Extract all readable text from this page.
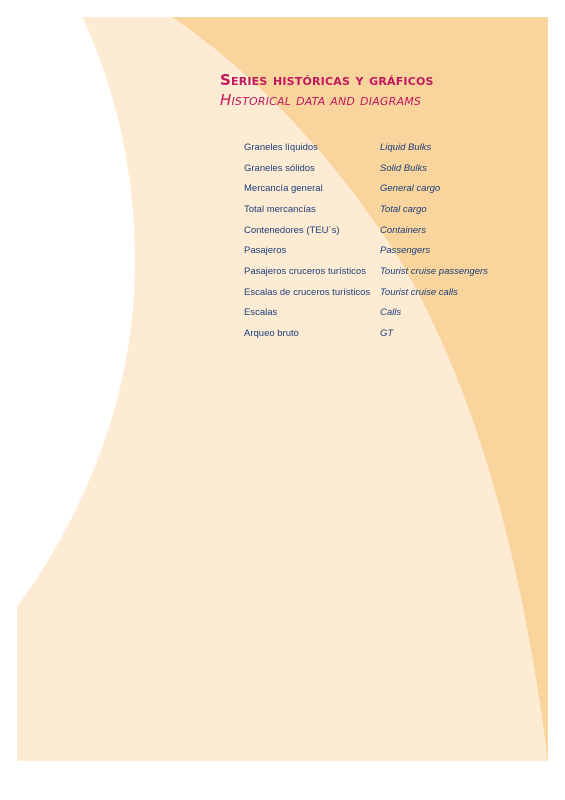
Series históricas y gráficos
Historical data and diagrams
Graneles líquidos	Liquid Bulks
Graneles sólidos	Solid Bulks
Mercancía general	General cargo
Total mercancías	Total cargo
Contenedores (TEU´s)	Containers
Pasajeros	Passengers
Pasajeros cruceros turísticos	Tourist cruise passengers
Escalas de cruceros turísticos	Tourist cruise calls
Escalas	Calls
Arqueo bruto	GT
